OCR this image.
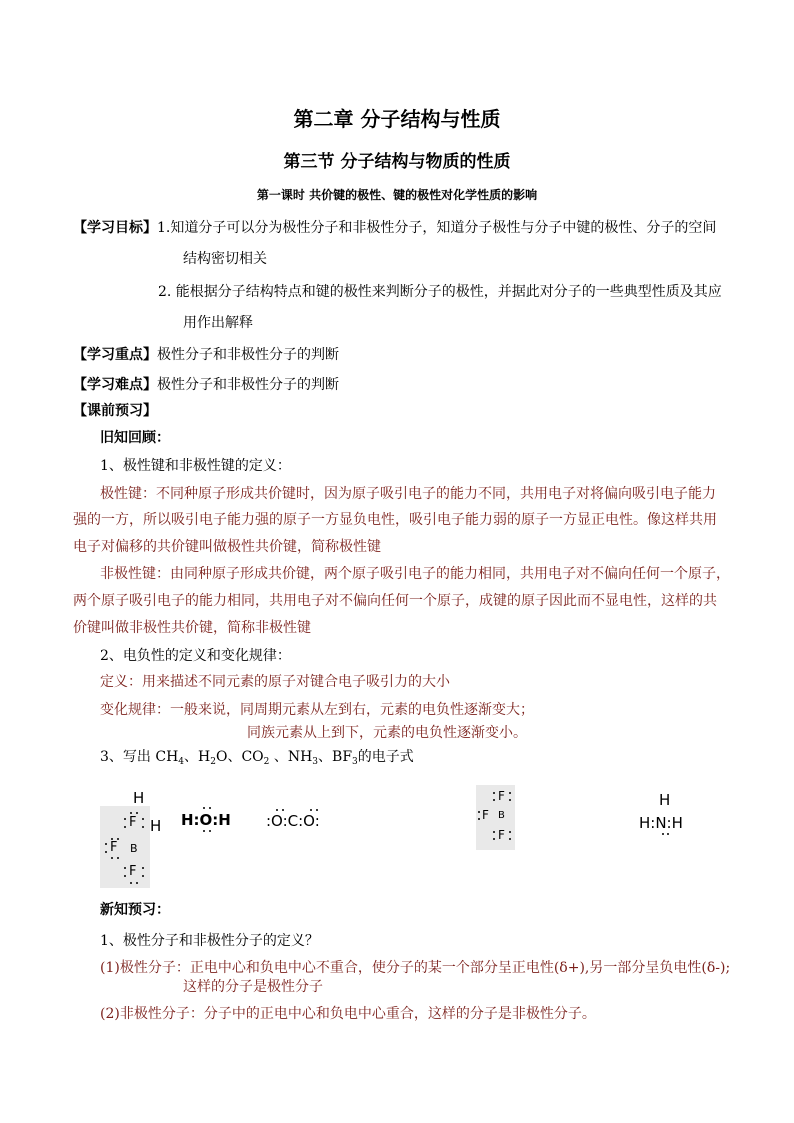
第二章 分子结构与性质
第三节 分子结构与物质的性质
第一课时 共价键的极性、键的极性对化学性质的影响
【学习目标】1.知道分子可以分为极性分子和非极性分子，知道分子极性与分子中键的极性、分子的空间
结构密切相关
2. 能根据分子结构特点和键的极性来判断分子的极性，并据此对分子的一些典型性质及其应
用作出解释
【学习重点】极性分子和非极性分子的判断
【学习难点】极性分子和非极性分子的判断
【课前预习】
旧知回顾：
1、极性键和非极性键的定义：
极性键：不同种原子形成共价键时，因为原子吸引电子的能力不同，共用电子对将偏向吸引电子能力
强的一方，所以吸引电子能力强的原子一方显负电性，吸引电子能力弱的原子一方显正电性。像这样共用
电子对偏移的共价键叫做极性共价键，简称极性键
非极性键：由同种原子形成共价键，两个原子吸引电子的能力相同，共用电子对不偏向任何一个原子，
两个原子吸引电子的能力相同，共用电子对不偏向任何一个原子，成键的原子因此而不显电性，这样的共
价键叫做非极性共价键，简称非极性键
2、电负性的定义和变化规律：
定义：用来描述不同元素的原子对键合电子吸引力的大小
变化规律：一般来说，同周期元素从左到右，元素的电负性逐渐变大；
同族元素从上到下，元素的电负性逐渐变小。
3、写出 $CH_4$、$H_2O$、$CO_2$ 、$NH_3$、$BF_3$的电子式
H
F H
F B
F
H:O:H :O:C:O:
F
F B
F
H
H:N:H
新知预习：
1、极性分子和非极性分子的定义？
(1)极性分子：正电中心和负电中心不重合，使分子的某一个部分呈正电性(δ+),另一部分呈负电性(δ-);
这样的分子是极性分子
(2)非极性分子：分子中的正电中心和负电中心重合，这样的分子是非极性分子。
